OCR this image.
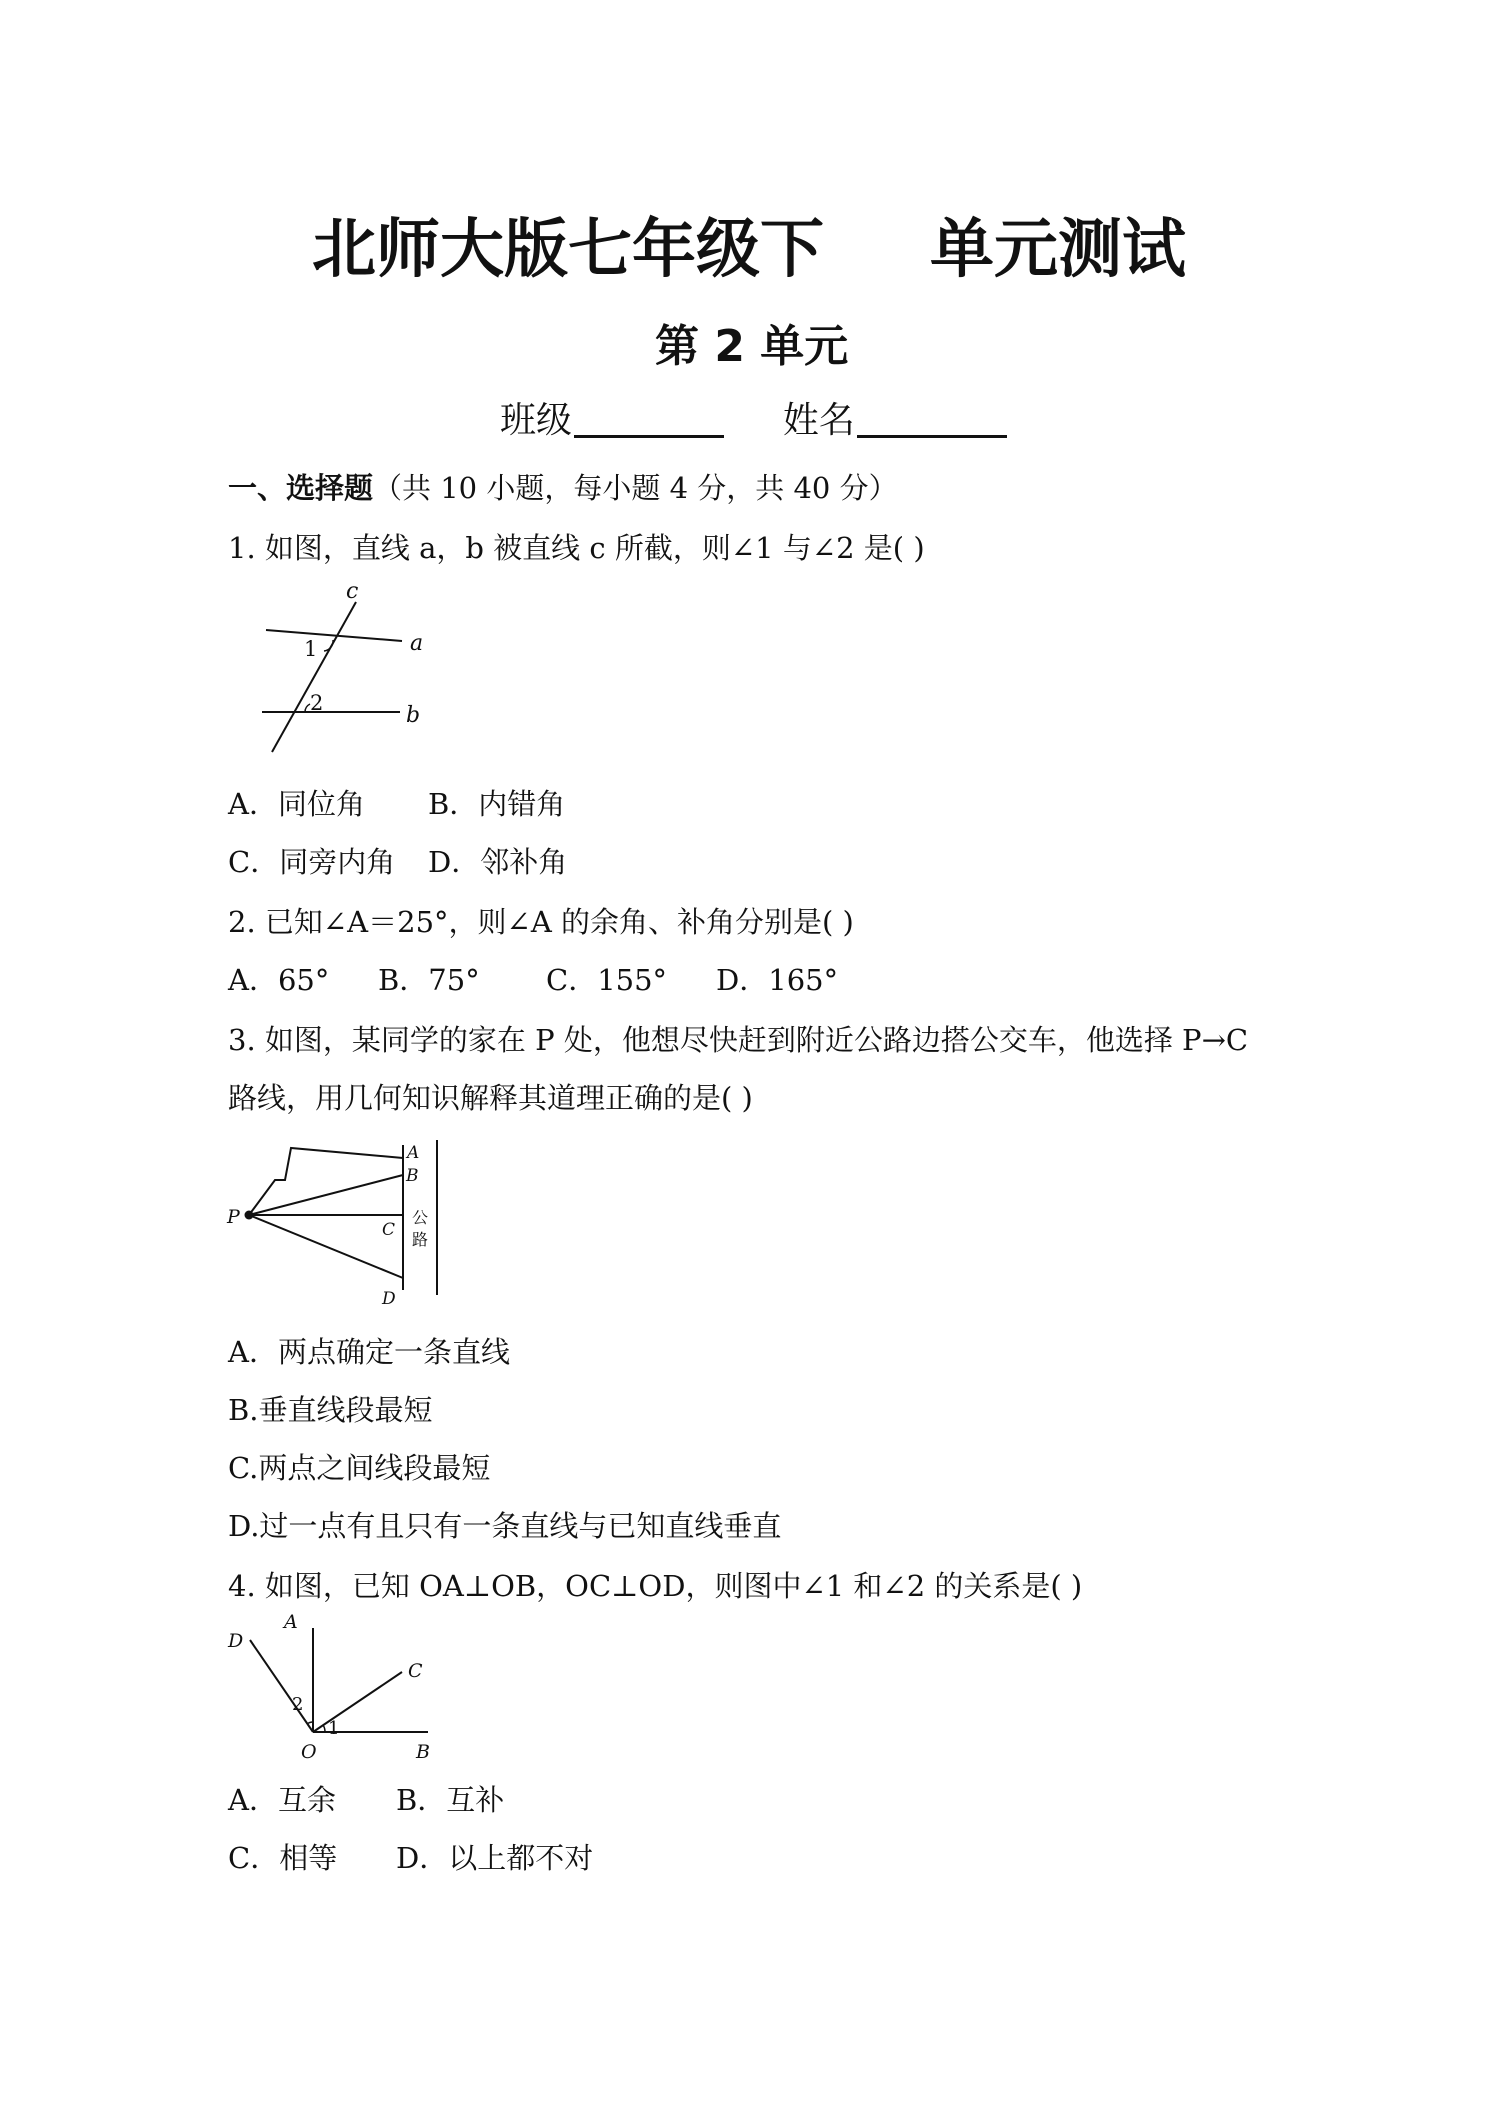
北师大版七年级下 单元测试
第 2 单元
班级	姓名
一、选择题（共 10 小题，每小题 4 分，共 40 分）
1. 如图，直线 a，b 被直线 c 所截，则∠1 与∠2 是( )
c
a
b
1
2
A．同位角 B．内错角
C．同旁内角 D．邻补角
2. 已知∠A＝25°，则∠A 的余角、补角分别是( )
A．65° B．75° C．155° D．165°
3. 如图，某同学的家在 P 处，他想尽快赶到附近公路边搭公交车，他选择 P→C
路线，用几何知识解释其道理正确的是( )
P
A
B
C
D
公
路
A．两点确定一条直线
B.垂直线段最短
C.两点之间线段最短
D.过一点有且只有一条直线与已知直线垂直
4. 如图，已知 OA⊥OB，OC⊥OD，则图中∠1 和∠2 的关系是( )
A
D
C
O	B
1
2
A．互余 B．互补
C．相等 D．以上都不对
